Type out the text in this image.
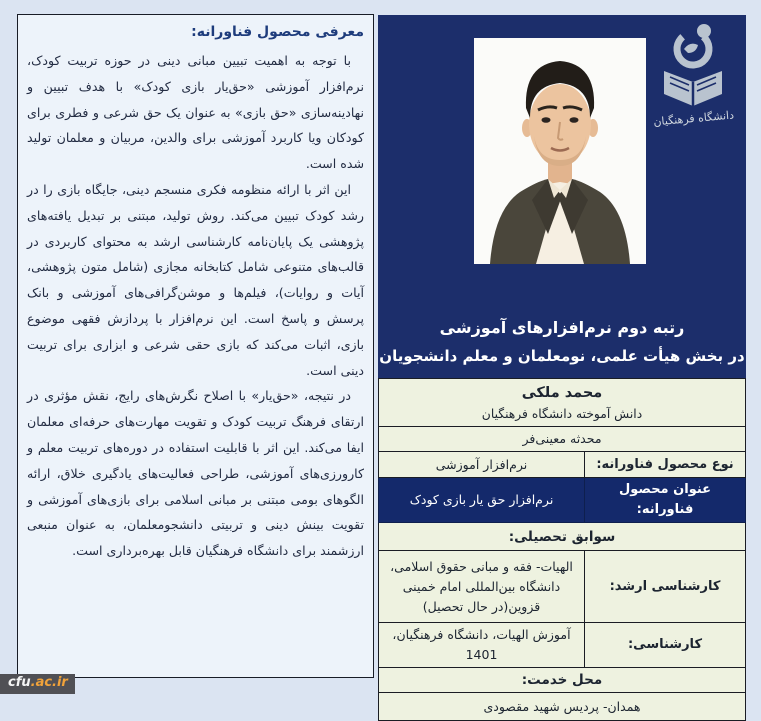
معرفی محصول فناورانه:

با توجه به اهمیت تبیین مبانی دینی در حوزه تربیت کودک، نرم‌افزار آموزشی «حق‌یار بازی کودک» با هدف تبیین و نهادینه‌سازی «حق بازی» به عنوان یک حق شرعی و فطری برای کودکان ویا کاربرد آموزشی برای والدین، مربیان و معلمان تولید شده است.

این اثر با ارائه منظومه فکری منسجم دینی، جایگاه بازی را در رشد کودک تبیین می‌کند. روش تولید، مبتنی بر تبدیل یافته‌های پژوهشی یک پایان‌نامه کارشناسی ارشد به محتوای کاربردی در قالب‌های متنوعی شامل کتابخانه مجازی (شامل متون پژوهشی، آیات و روایات)، فیلم‌ها و موشن‌گرافی‌های آموزشی و بانک پرسش و پاسخ است. این نرم‌افزار با پردازش فقهی موضوع بازی، اثبات می‌کند که بازی حقی شرعی و ابزاری برای تربیت دینی است.

در نتیجه، «حق‌یار» با اصلاح نگرش‌های رایج، نقش مؤثری در ارتقای فرهنگ تربیت کودک و تقویت مهارت‌های حرفه‌ای معلمان ایفا می‌کند. این اثر با قابلیت استفاده در دوره‌های تربیت معلم و کارورزی‌های آموزشی، طراحی فعالیت‌های یادگیری خلاق، ارائه الگوهای بومی مبتنی بر مبانی اسلامی برای بازی‌های آموزشی و تقویت بینش دینی و تربیتی دانشجومعلمان، به عنوان منبعی ارزشمند برای دانشگاه فرهنگیان قابل بهره‌برداری است.

دانشگاه فرهنگیان
رتبه دوم نرم‌افزارهای آموزشی
در بخش هیأت علمی، نومعلمان و معلم دانشجویان
محمد ملکی
دانش آموخته دانشگاه فرهنگیان	

محدثه معینی‌فر	
نوع محصول فناورانه:	نرم‌افزار آموزشی
عنوان محصول فناورانه:	نرم‌افزار حق یار بازی کودک
سوابق تحصیلی:	
کارشناسی ارشد:	الهیات- فقه و مبانی حقوق اسلامی، دانشگاه بین‌المللی امام خمینی قزوین(در حال تحصیل)
کارشناسی:	آموزش الهیات، دانشگاه فرهنگیان، 1401
محل خدمت:	
همدان- پردیس شهید مقصودی	
cfu.ac.ir
